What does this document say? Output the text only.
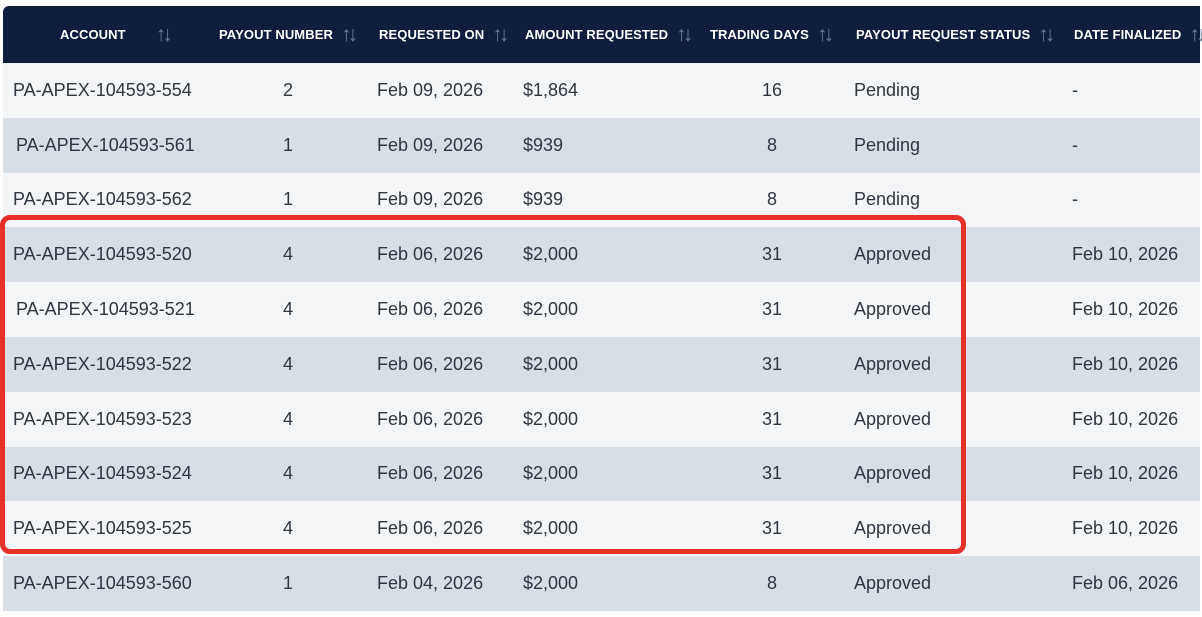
ACCOUNT ↑↓	PAYOUT NUMBER ↑↓ REQUESTED ON ↑↓ AMOUNT REQUESTED ↑↓ TRADING DAYS ↑↓ PAYOUT REQUEST STATUS ↑↓ DATE FINALIZED ↑↓
PA-APEX-104593-554	2	Feb 09, 2026 $1,864	16	Pending	-
PA-APEX-104593-561	1	Feb 09, 2026 $939	8	Pending	-
PA-APEX-104593-562	1	Feb 09, 2026 $939	8	Pending	-
PA-APEX-104593-520	4	Feb 06, 2026 $2,000	31	Approved	Feb 10, 2026
PA-APEX-104593-521	4	Feb 06, 2026 $2,000	31	Approved	Feb 10, 2026
PA-APEX-104593-522	4	Feb 06, 2026 $2,000	31	Approved	Feb 10, 2026
PA-APEX-104593-523	4	Feb 06, 2026 $2,000	31	Approved	Feb 10, 2026
PA-APEX-104593-524	4	Feb 06, 2026 $2,000	31	Approved	Feb 10, 2026
PA-APEX-104593-525	4	Feb 06, 2026 $2,000	31	Approved	Feb 10, 2026
PA-APEX-104593-560	1	Feb 04, 2026 $2,000	8	Approved	Feb 06, 2026
